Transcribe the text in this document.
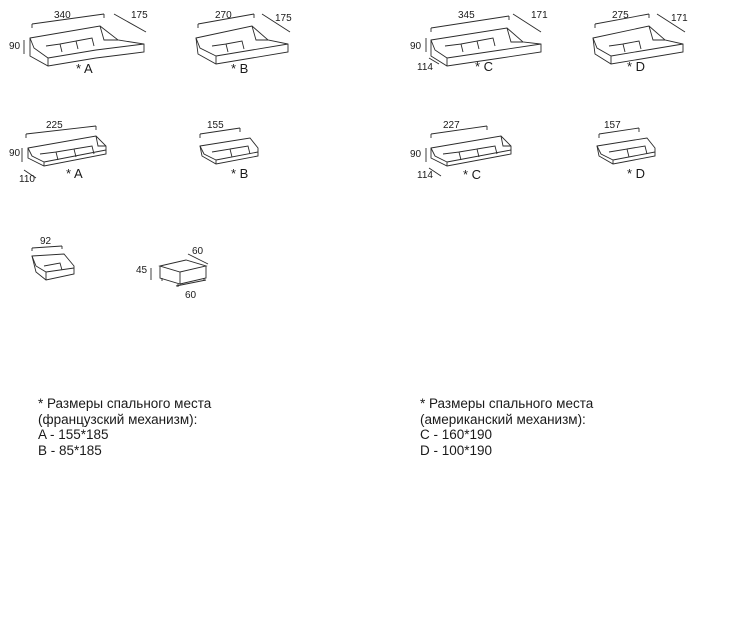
340	175
90
* A
270	175
* B
345	171
90
114	* C
275	171
* D
225
90
110 * A
155
* B
227
90
114 * C
157
* D
92
60
45
60
* Размеры спального места
(французский механизм):
A - 155*185
B - 85*185
* Размеры спального места
(американский механизм):
C - 160*190
D - 100*190
